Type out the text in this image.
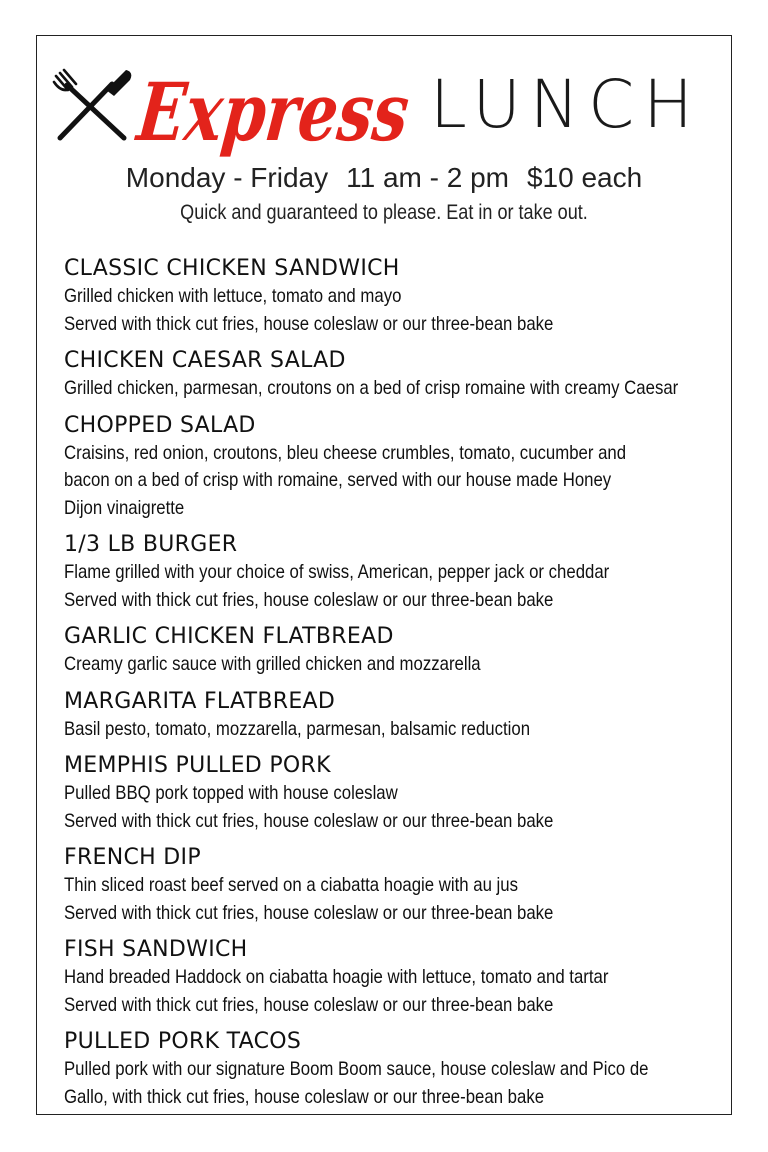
Express
LUNCH
Monday - Friday 11 am - 2 pm $10 each
Quick and guaranteed to please. Eat in or take out.
CLASSIC CHICKEN SANDWICH
Grilled chicken with lettuce, tomato and mayo
Served with thick cut fries, house coleslaw or our three-bean bake
CHICKEN CAESAR SALAD
Grilled chicken, parmesan, croutons on a bed of crisp romaine with creamy Caesar
CHOPPED SALAD
Craisins, red onion, croutons, bleu cheese crumbles, tomato, cucumber and
bacon on a bed of crisp with romaine, served with our house made Honey
Dijon vinaigrette
1/3 LB BURGER
Flame grilled with your choice of swiss, American, pepper jack or cheddar
Served with thick cut fries, house coleslaw or our three-bean bake
GARLIC CHICKEN FLATBREAD
Creamy garlic sauce with grilled chicken and mozzarella
MARGARITA FLATBREAD
Basil pesto, tomato, mozzarella, parmesan, balsamic reduction
MEMPHIS PULLED PORK
Pulled BBQ pork topped with house coleslaw
Served with thick cut fries, house coleslaw or our three-bean bake
FRENCH DIP
Thin sliced roast beef served on a ciabatta hoagie with au jus
Served with thick cut fries, house coleslaw or our three-bean bake
FISH SANDWICH
Hand breaded Haddock on ciabatta hoagie with lettuce, tomato and tartar
Served with thick cut fries, house coleslaw or our three-bean bake
PULLED PORK TACOS
Pulled pork with our signature Boom Boom sauce, house coleslaw and Pico de
Gallo, with thick cut fries, house coleslaw or our three-bean bake
